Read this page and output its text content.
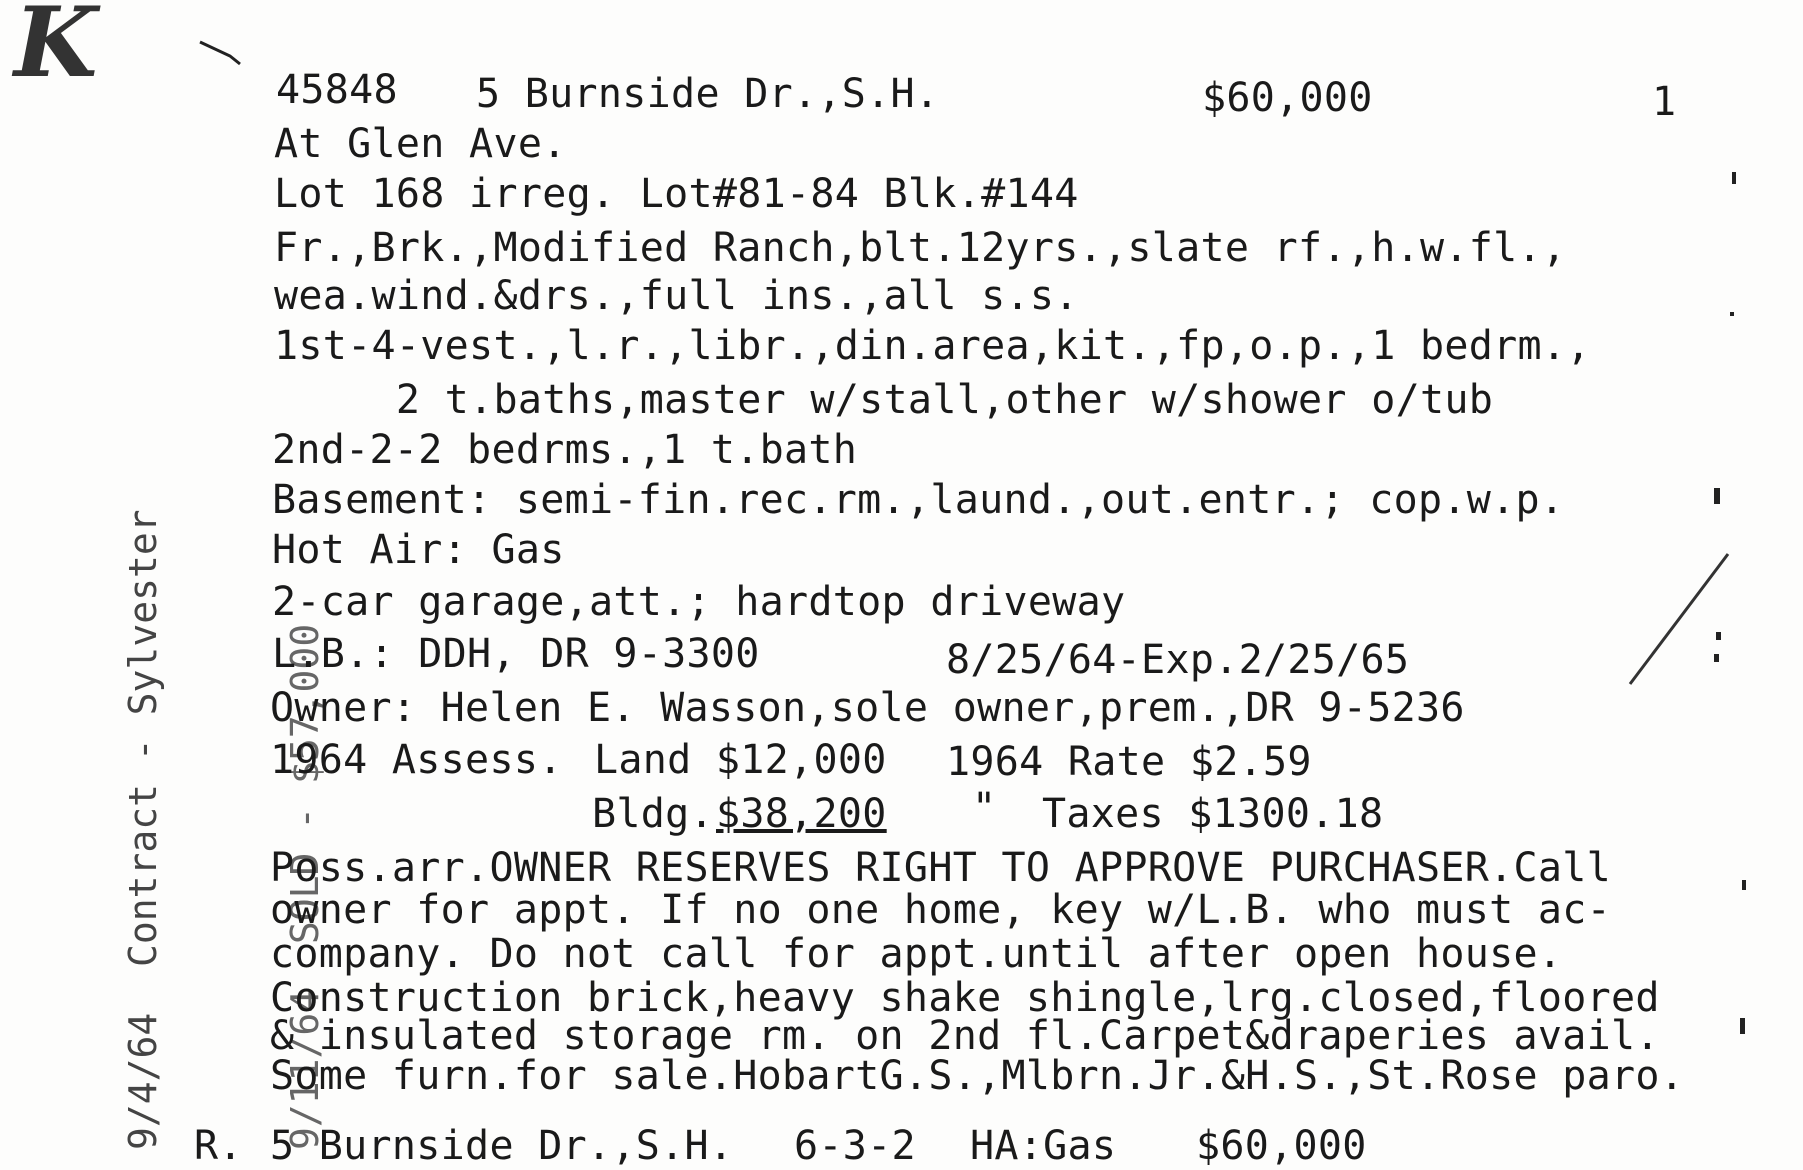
K

9/4/64  Contract - Sylvester

	9/11/64  SOLD - $57,000

45848 5 Burnside Dr.,S.H.	$60,000	1
At Glen Ave.
Lot 168 irreg. Lot#81-84 Blk.#144
Fr.,Brk.,Modified Ranch,blt.12yrs.,slate rf.,h.w.fl.,
wea.wind.&drs.,full ins.,all s.s.
1st-4-vest.,l.r.,libr.,din.area,kit.,fp,o.p.,1 bedrm.,
2 t.baths,master w/stall,other w/shower o/tub
2nd-2-2 bedrms.,1 t.bath
Basement: semi-fin.rec.rm.,laund.,out.entr.; cop.w.p.
Hot Air: Gas
2-car garage,att.; hardtop driveway
L.B.: DDH, DR 9-3300	8/25/64-Exp.2/25/65
Owner: Helen E. Wasson,sole owner,prem.,DR 9-5236
1964 Assess. Land $12,000 1964 Rate $2.59
Bldg. $38,200 " Taxes $1300.18
Poss.arr.OWNER RESERVES RIGHT TO APPROVE PURCHASER.Call
owner for appt. If no one home, key w/L.B. who must ac-
company. Do not call for appt.until after open house.
Construction brick,heavy shake shingle,lrg.closed,floored
& insulated storage rm. on 2nd fl.Carpet&draperies avail.
Some furn.for sale.HobartG.S.,Mlbrn.Jr.&H.S.,St.Rose paro.
R. 5 Burnside Dr.,S.H. 6-3-2 HA:Gas $60,000
